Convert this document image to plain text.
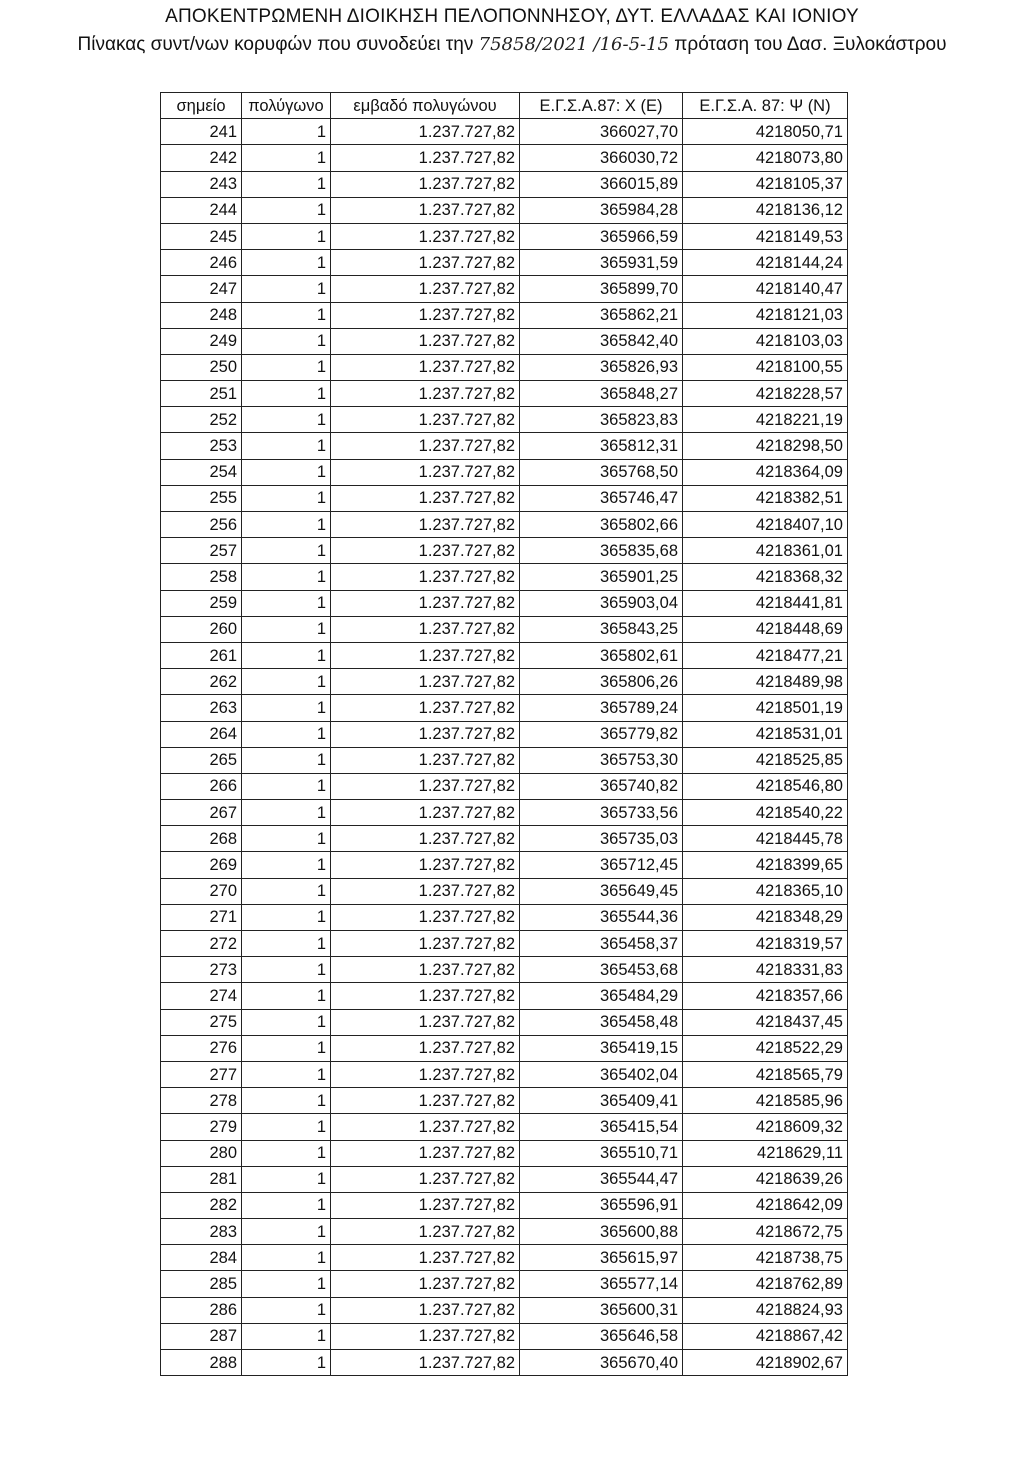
ΑΠΟΚΕΝΤΡΩΜΕΝΗ ΔΙΟΙΚΗΣΗ ΠΕΛΟΠΟΝΝΗΣΟΥ, ΔΥΤ. ΕΛΛΑΔΑΣ ΚΑΙ ΙΟΝΙΟΥ
Πίνακας συντ/νων κορυφών που συνοδεύει την 75858/2021 /16-5-15 πρόταση του Δασ. Ξυλοκάστρου
σημείο	πολύγωνο	εμβαδό πολυγώνου	Ε.Γ.Σ.Α.87: Χ (Ε)	Ε.Γ.Σ.Α. 87: Ψ (Ν)
241	1	1.237.727,82	366027,70	4218050,71
242	1	1.237.727,82	366030,72	4218073,80
243	1	1.237.727,82	366015,89	4218105,37
244	1	1.237.727,82	365984,28	4218136,12
245	1	1.237.727,82	365966,59	4218149,53
246	1	1.237.727,82	365931,59	4218144,24
247	1	1.237.727,82	365899,70	4218140,47
248	1	1.237.727,82	365862,21	4218121,03
249	1	1.237.727,82	365842,40	4218103,03
250	1	1.237.727,82	365826,93	4218100,55
251	1	1.237.727,82	365848,27	4218228,57
252	1	1.237.727,82	365823,83	4218221,19
253	1	1.237.727,82	365812,31	4218298,50
254	1	1.237.727,82	365768,50	4218364,09
255	1	1.237.727,82	365746,47	4218382,51
256	1	1.237.727,82	365802,66	4218407,10
257	1	1.237.727,82	365835,68	4218361,01
258	1	1.237.727,82	365901,25	4218368,32
259	1	1.237.727,82	365903,04	4218441,81
260	1	1.237.727,82	365843,25	4218448,69
261	1	1.237.727,82	365802,61	4218477,21
262	1	1.237.727,82	365806,26	4218489,98
263	1	1.237.727,82	365789,24	4218501,19
264	1	1.237.727,82	365779,82	4218531,01
265	1	1.237.727,82	365753,30	4218525,85
266	1	1.237.727,82	365740,82	4218546,80
267	1	1.237.727,82	365733,56	4218540,22
268	1	1.237.727,82	365735,03	4218445,78
269	1	1.237.727,82	365712,45	4218399,65
270	1	1.237.727,82	365649,45	4218365,10
271	1	1.237.727,82	365544,36	4218348,29
272	1	1.237.727,82	365458,37	4218319,57
273	1	1.237.727,82	365453,68	4218331,83
274	1	1.237.727,82	365484,29	4218357,66
275	1	1.237.727,82	365458,48	4218437,45
276	1	1.237.727,82	365419,15	4218522,29
277	1	1.237.727,82	365402,04	4218565,79
278	1	1.237.727,82	365409,41	4218585,96
279	1	1.237.727,82	365415,54	4218609,32
280	1	1.237.727,82	365510,71	4218629,11
281	1	1.237.727,82	365544,47	4218639,26
282	1	1.237.727,82	365596,91	4218642,09
283	1	1.237.727,82	365600,88	4218672,75
284	1	1.237.727,82	365615,97	4218738,75
285	1	1.237.727,82	365577,14	4218762,89
286	1	1.237.727,82	365600,31	4218824,93
287	1	1.237.727,82	365646,58	4218867,42
288	1	1.237.727,82	365670,40	4218902,67
